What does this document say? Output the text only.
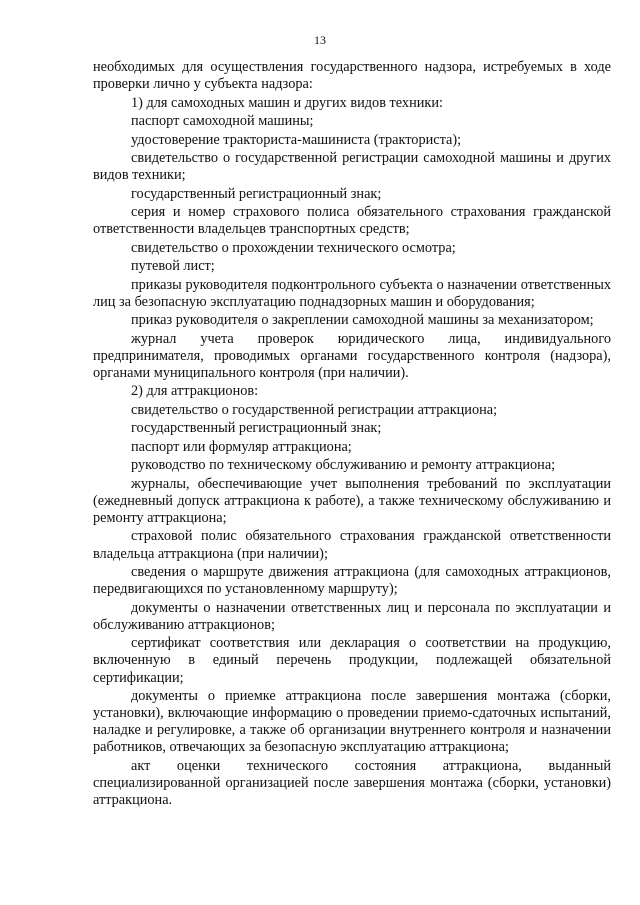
13

необходимых для осуществления государственного надзора, истребуемых в ходе проверки лично у субъекта надзора:

1) для самоходных машин и других видов техники:

паспорт самоходной машины;

удостоверение тракториста-машиниста (тракториста);

свидетельство о государственной регистрации самоходной машины и других видов техники;

государственный регистрационный знак;

серия и номер страхового полиса обязательного страхования гражданской ответственности владельцев транспортных средств;

свидетельство о прохождении технического осмотра;

путевой лист;

приказы руководителя подконтрольного субъекта о назначении ответственных лиц за безопасную эксплуатацию поднадзорных машин и оборудования;

приказ руководителя о закреплении самоходной машины за механизатором;

журнал учета проверок юридического лица, индивидуального предпринимателя, проводимых органами государственного контроля (надзора), органами муниципального контроля (при наличии).

2) для аттракционов:

свидетельство о государственной регистрации аттракциона;

государственный регистрационный знак;

паспорт или формуляр аттракциона;

руководство по техническому обслуживанию и ремонту аттракциона;

журналы, обеспечивающие учет выполнения требований по эксплуатации (ежедневный допуск аттракциона к работе), а также техническому обслуживанию и ремонту аттракциона;

страховой полис обязательного страхования гражданской ответственности владельца аттракциона (при наличии);

сведения о маршруте движения аттракциона (для самоходных аттракционов, передвигающихся по установленному маршруту);

документы о назначении ответственных лиц и персонала по эксплуатации и обслуживанию аттракционов;

сертификат соответствия или декларация о соответствии на продукцию, включенную в единый перечень продукции, подлежащей обязательной сертификации;

документы о приемке аттракциона после завершения монтажа (сборки, установки), включающие информацию о проведении приемо-сдаточных испытаний, наладке и регулировке, а также об организации внутреннего контроля и назначении работников, отвечающих за безопасную эксплуатацию аттракциона;

акт оценки технического состояния аттракциона, выданный специализированной организацией после завершения монтажа (сборки, установки) аттракциона.
